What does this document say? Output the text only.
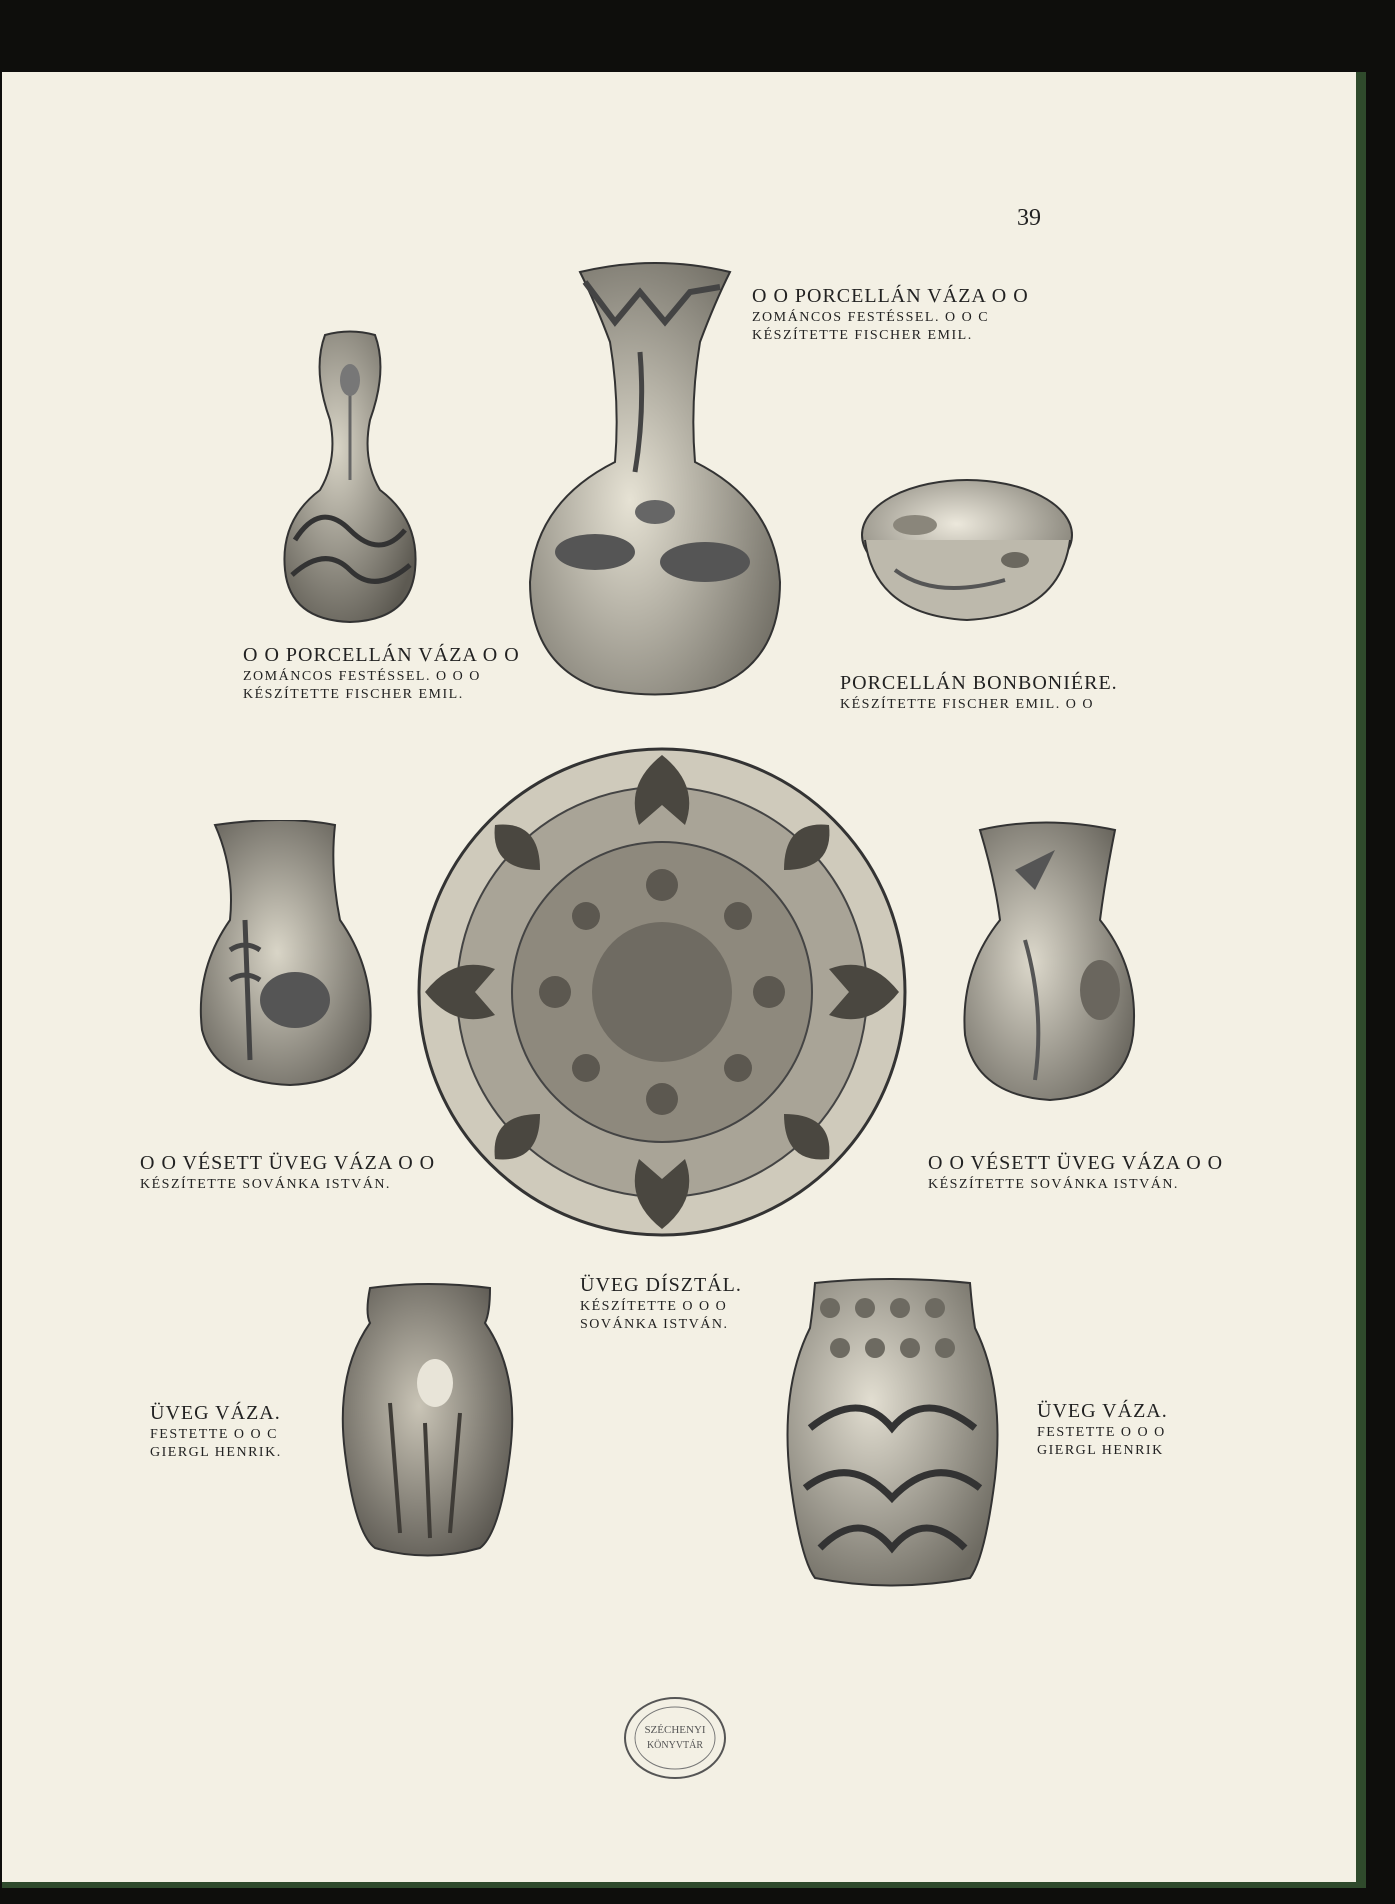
39
SZÉCHENYI
KÖNYVTÁR
O O PORCELLÁN VÁZA O O
ZOMÁNCOS FESTÉSSEL. O O C
KÉSZÍTETTE FISCHER EMIL.
O O PORCELLÁN VÁZA O O
ZOMÁNCOS FESTÉSSEL. O O O
KÉSZÍTETTE FISCHER EMIL.
PORCELLÁN BONBONIÉRE.
KÉSZÍTETTE FISCHER EMIL. O O
O O VÉSETT ÜVEG VÁZA O O
KÉSZÍTETTE SOVÁNKA ISTVÁN.
O O VÉSETT ÜVEG VÁZA O O
KÉSZÍTETTE SOVÁNKA ISTVÁN.
ÜVEG DÍSZTÁL.
KÉSZÍTETTE O O O
SOVÁNKA ISTVÁN.
ÜVEG VÁZA.
FESTETTE O O C
GIERGL HENRIK.
ÜVEG VÁZA.
FESTETTE O O O
GIERGL HENRIK
